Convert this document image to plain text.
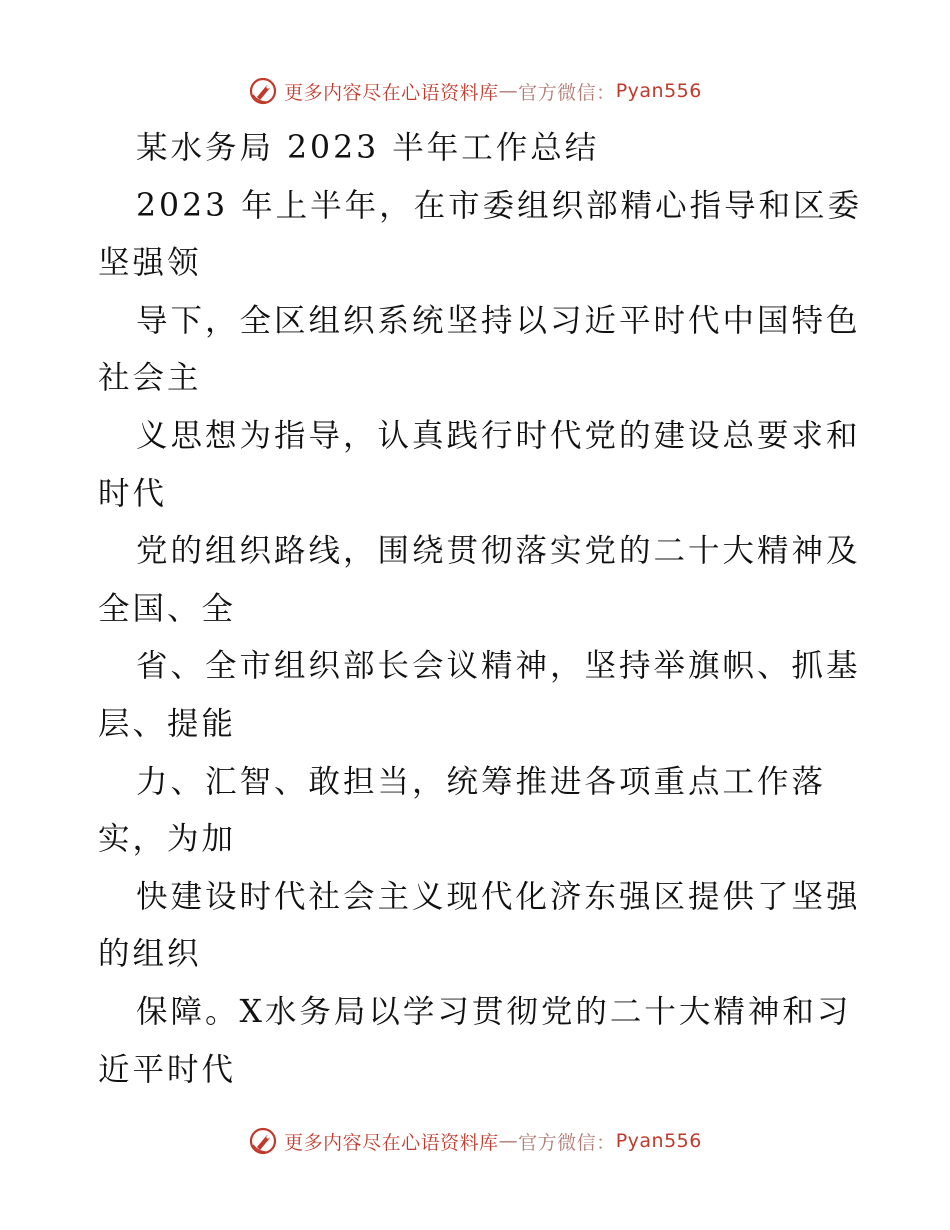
更多内容尽在心语资料库 — 官方微信： Pyan556
某水务局 2023 半年工作总结
2023 年上半年，在市委组织部精心指导和区委
坚强领
导下，全区组织系统坚持以习近平时代中国特色
社会主
义思想为指导，认真践行时代党的建设总要求和
时代
党的组织路线，围绕贯彻落实党的二十大精神及
全国、全
省、全市组织部长会议精神，坚持举旗帜、抓基
层、提能
力、汇智、敢担当，统筹推进各项重点工作落
实，为加
快建设时代社会主义现代化济东强区提供了坚强
的组织
保障。X水务局以学习贯彻党的二十大精神和习
近平时代
更多内容尽在心语资料库 — 官方微信： Pyan556
